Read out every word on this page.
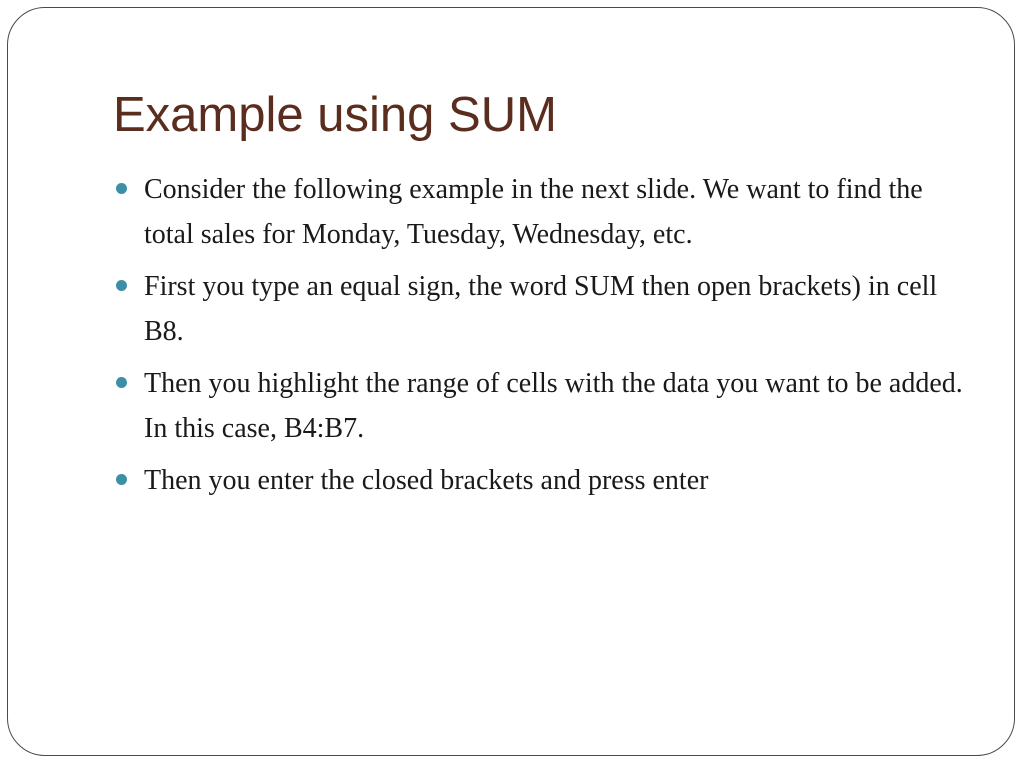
Example using SUM
Consider the following example in the next slide. We want to find the total sales for Monday, Tuesday, Wednesday, etc.
First you type an equal sign, the word SUM then open brackets) in cell B8.
Then you highlight the range of cells with the data you want to be added. In this case, B4:B7.
Then you enter the closed brackets and press enter
